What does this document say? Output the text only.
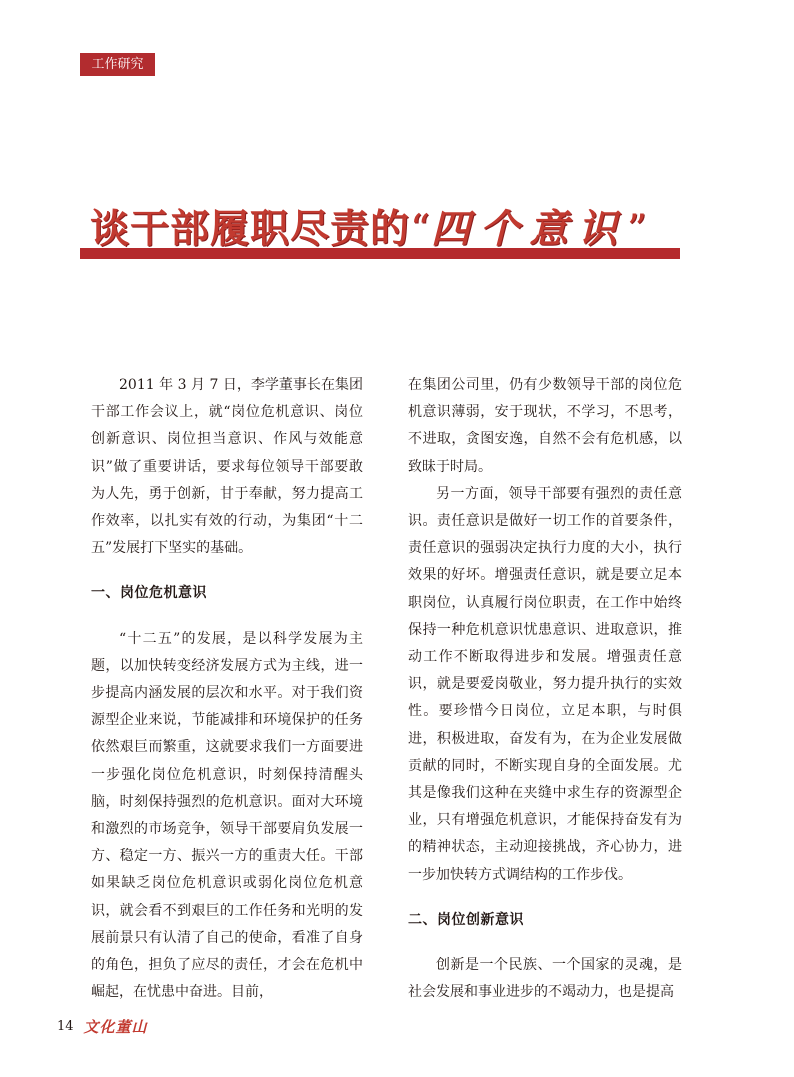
工作研究
谈干部履职尽责的“四个意识”

2011 年 3 月 7 日，李学董事长在集团干部工作会议上，就“岗位危机意识、岗位创新意识、岗位担当意识、作风与效能意识”做了重要讲话，要求每位领导干部要敢为人先，勇于创新，甘于奉献，努力提高工作效率，以扎实有效的行动，为集团“十二五”发展打下坚实的基础。

一、岗位危机意识

“十二五”的发展，是以科学发展为主题，以加快转变经济发展方式为主线，进一步提高内涵发展的层次和水平。对于我们资源型企业来说，节能减排和环境保护的任务依然艰巨而繁重，这就要求我们一方面要进一步强化岗位危机意识，时刻保持清醒头脑，时刻保持强烈的危机意识。面对大环境和激烈的市场竞争，领导干部要肩负发展一方、稳定一方、振兴一方的重责大任。干部如果缺乏岗位危机意识或弱化岗位危机意识，就会看不到艰巨的工作任务和光明的发展前景只有认清了自己的使命，看准了自身的角色，担负了应尽的责任，才会在危机中崛起，在忧患中奋进。目前，

在集团公司里，仍有少数领导干部的岗位危机意识薄弱，安于现状，不学习，不思考，不进取，贪图安逸，自然不会有危机感，以致昧于时局。

另一方面，领导干部要有强烈的责任意识。责任意识是做好一切工作的首要条件，责任意识的强弱决定执行力度的大小，执行效果的好坏。增强责任意识，就是要立足本职岗位，认真履行岗位职责，在工作中始终保持一种危机意识忧患意识、进取意识，推动工作不断取得进步和发展。增强责任意识，就是要爱岗敬业，努力提升执行的实效性。要珍惜今日岗位，立足本职，与时俱进，积极进取，奋发有为，在为企业发展做贡献的同时，不断实现自身的全面发展。尤其是像我们这种在夹缝中求生存的资源型企业，只有增强危机意识，才能保持奋发有为的精神状态，主动迎接挑战，齐心协力，进一步加快转方式调结构的工作步伐。

二、岗位创新意识

创新是一个民族、一个国家的灵魂，是社会发展和事业进步的不竭动力，也是提高

14 文化董山
